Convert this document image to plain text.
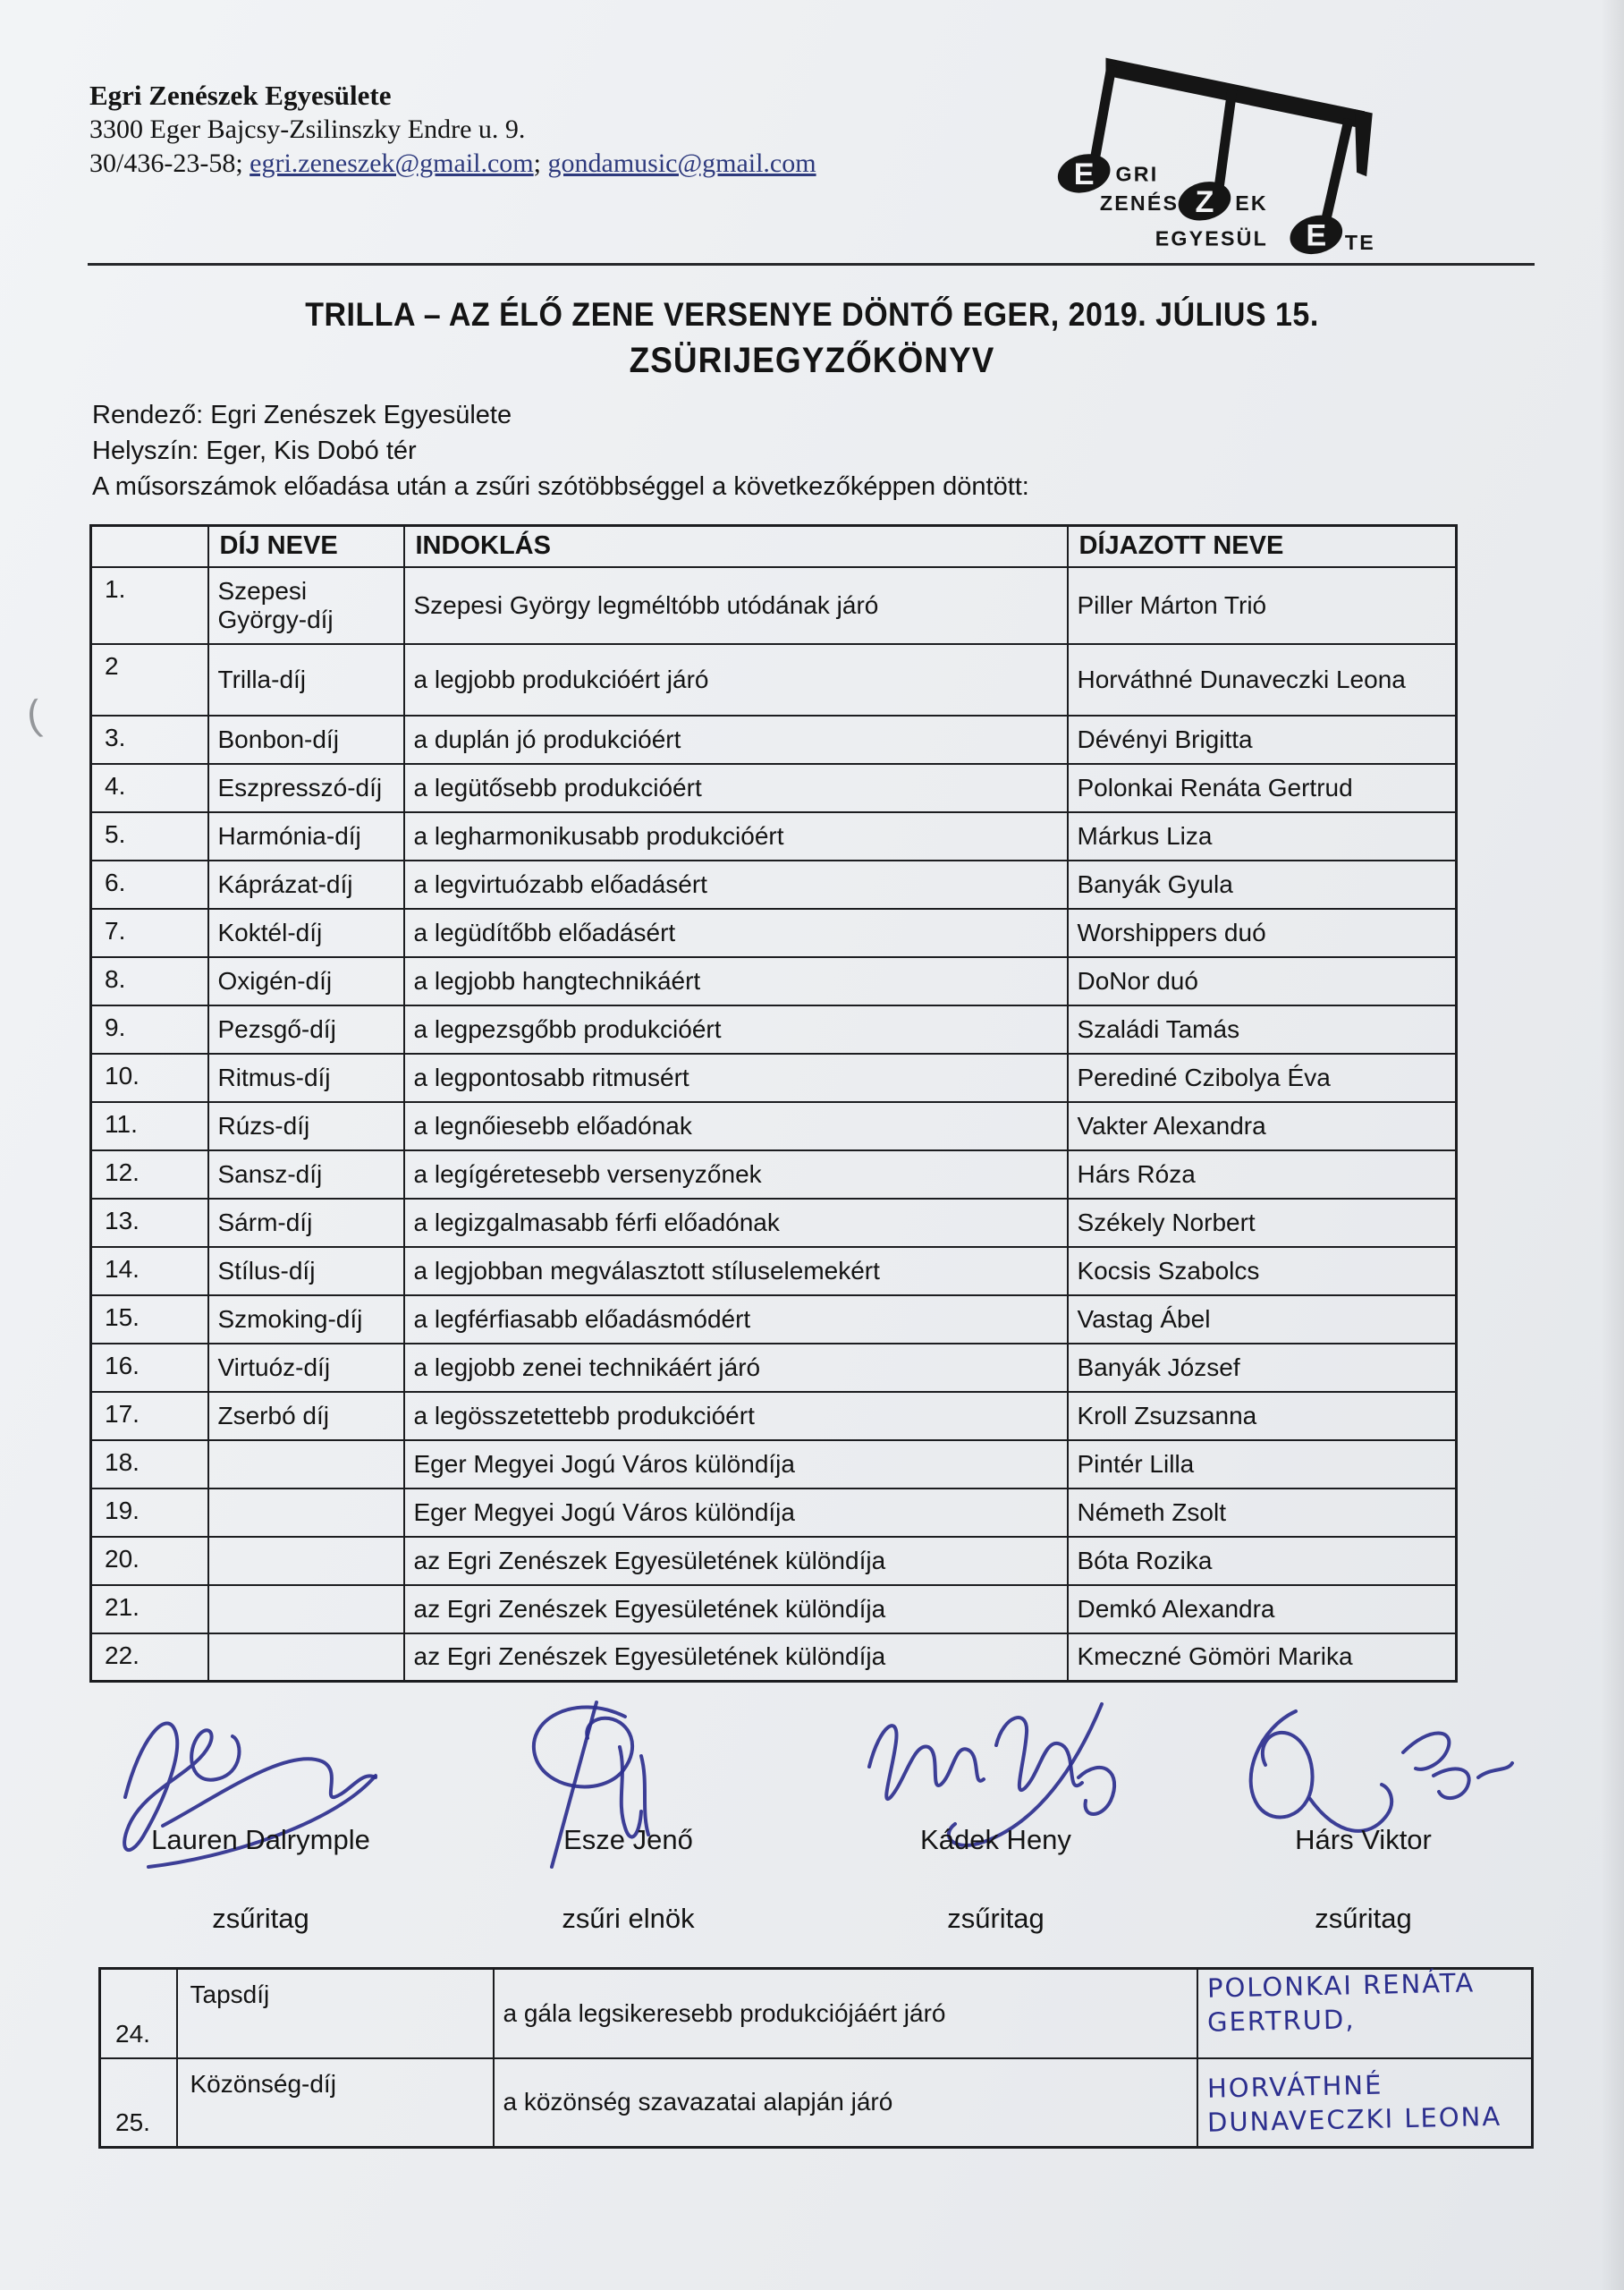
(
Egri Zenészek Egyesülete
3300 Eger Bajcsy-Zsilinszky Endre u. 9.
30/436-23-58; egri.zeneszek@gmail.com; gondamusic@gmail.com	E
Z
E
GRI
ZENÉS	EK
EGYESÜL	TE
TRILLA – AZ ÉLŐ ZENE VERSENYE DÖNTŐ EGER, 2019. JÚLIUS 15.
ZSÜRIJEGYZŐKÖNYV
Rendező: Egri Zenészek Egyesülete
Helyszín: Eger, Kis Dobó tér
A műsorszámok előadása után a zsűri szótöbbséggel a következőképpen döntött:
	DÍJ NEVE	INDOKLÁS	DÍJAZOTT NEVE
1.	Szepesi György-díj	Szepesi György legméltóbb utódának járó	Piller Márton Trió
2	Trilla-díj	a legjobb produkcióért járó	Horváthné Dunaveczki Leona
3.	Bonbon-díj	a duplán jó produkcióért	Dévényi Brigitta
4.	Eszpresszó-díj	a legütősebb produkcióért	Polonkai Renáta Gertrud
5.	Harmónia-díj	a legharmonikusabb produkcióért	Márkus Liza
6.	Káprázat-díj	a legvirtuózabb előadásért	Banyák Gyula
7.	Koktél-díj	a legüdítőbb előadásért	Worshippers duó
8.	Oxigén-díj	a legjobb hangtechnikáért	DoNor duó
9.	Pezsgő-díj	a legpezsgőbb produkcióért	Szaládi Tamás
10.	Ritmus-díj	a legpontosabb ritmusért	Perediné Czibolya Éva
11.	Rúzs-díj	a legnőiesebb előadónak	Vakter Alexandra
12.	Sansz-díj	a legígéretesebb versenyzőnek	Hárs Róza
13.	Sárm-díj	a legizgalmasabb férfi előadónak	Székely Norbert
14.	Stílus-díj	a legjobban megválasztott stíluselemekért	Kocsis Szabolcs
15.	Szmoking-díj	a legférfiasabb előadásmódért	Vastag Ábel
16.	Virtuóz-díj	a legjobb zenei technikáért járó	Banyák József
17.	Zserbó díj	a legösszetettebb produkcióért	Kroll Zsuzsanna
18.		Eger Megyei Jogú Város különdíja	Pintér Lilla
19.		Eger Megyei Jogú Város különdíja	Németh Zsolt
20.		az Egri Zenészek Egyesületének különdíja	Bóta Rozika
21.		az Egri Zenészek Egyesületének különdíja	Demkó Alexandra
22.		az Egri Zenészek Egyesületének különdíja	Kmeczné Gömöri Marika
Lauren Dalrymple
zsűritag
Esze Jenő
zsűri elnök
Kádek Heny
zsűritag
Hárs Viktor
zsűritag
24.	Tapsdíj	a gála legsikeresebb produkciójáért járó	POLONKAI RENÁTA
GERTRUD,

25.	Közönség-díj	a közönség szavazatai alapján járó	HORVÁTHNÉ
DUNAVECZKI LEONA
